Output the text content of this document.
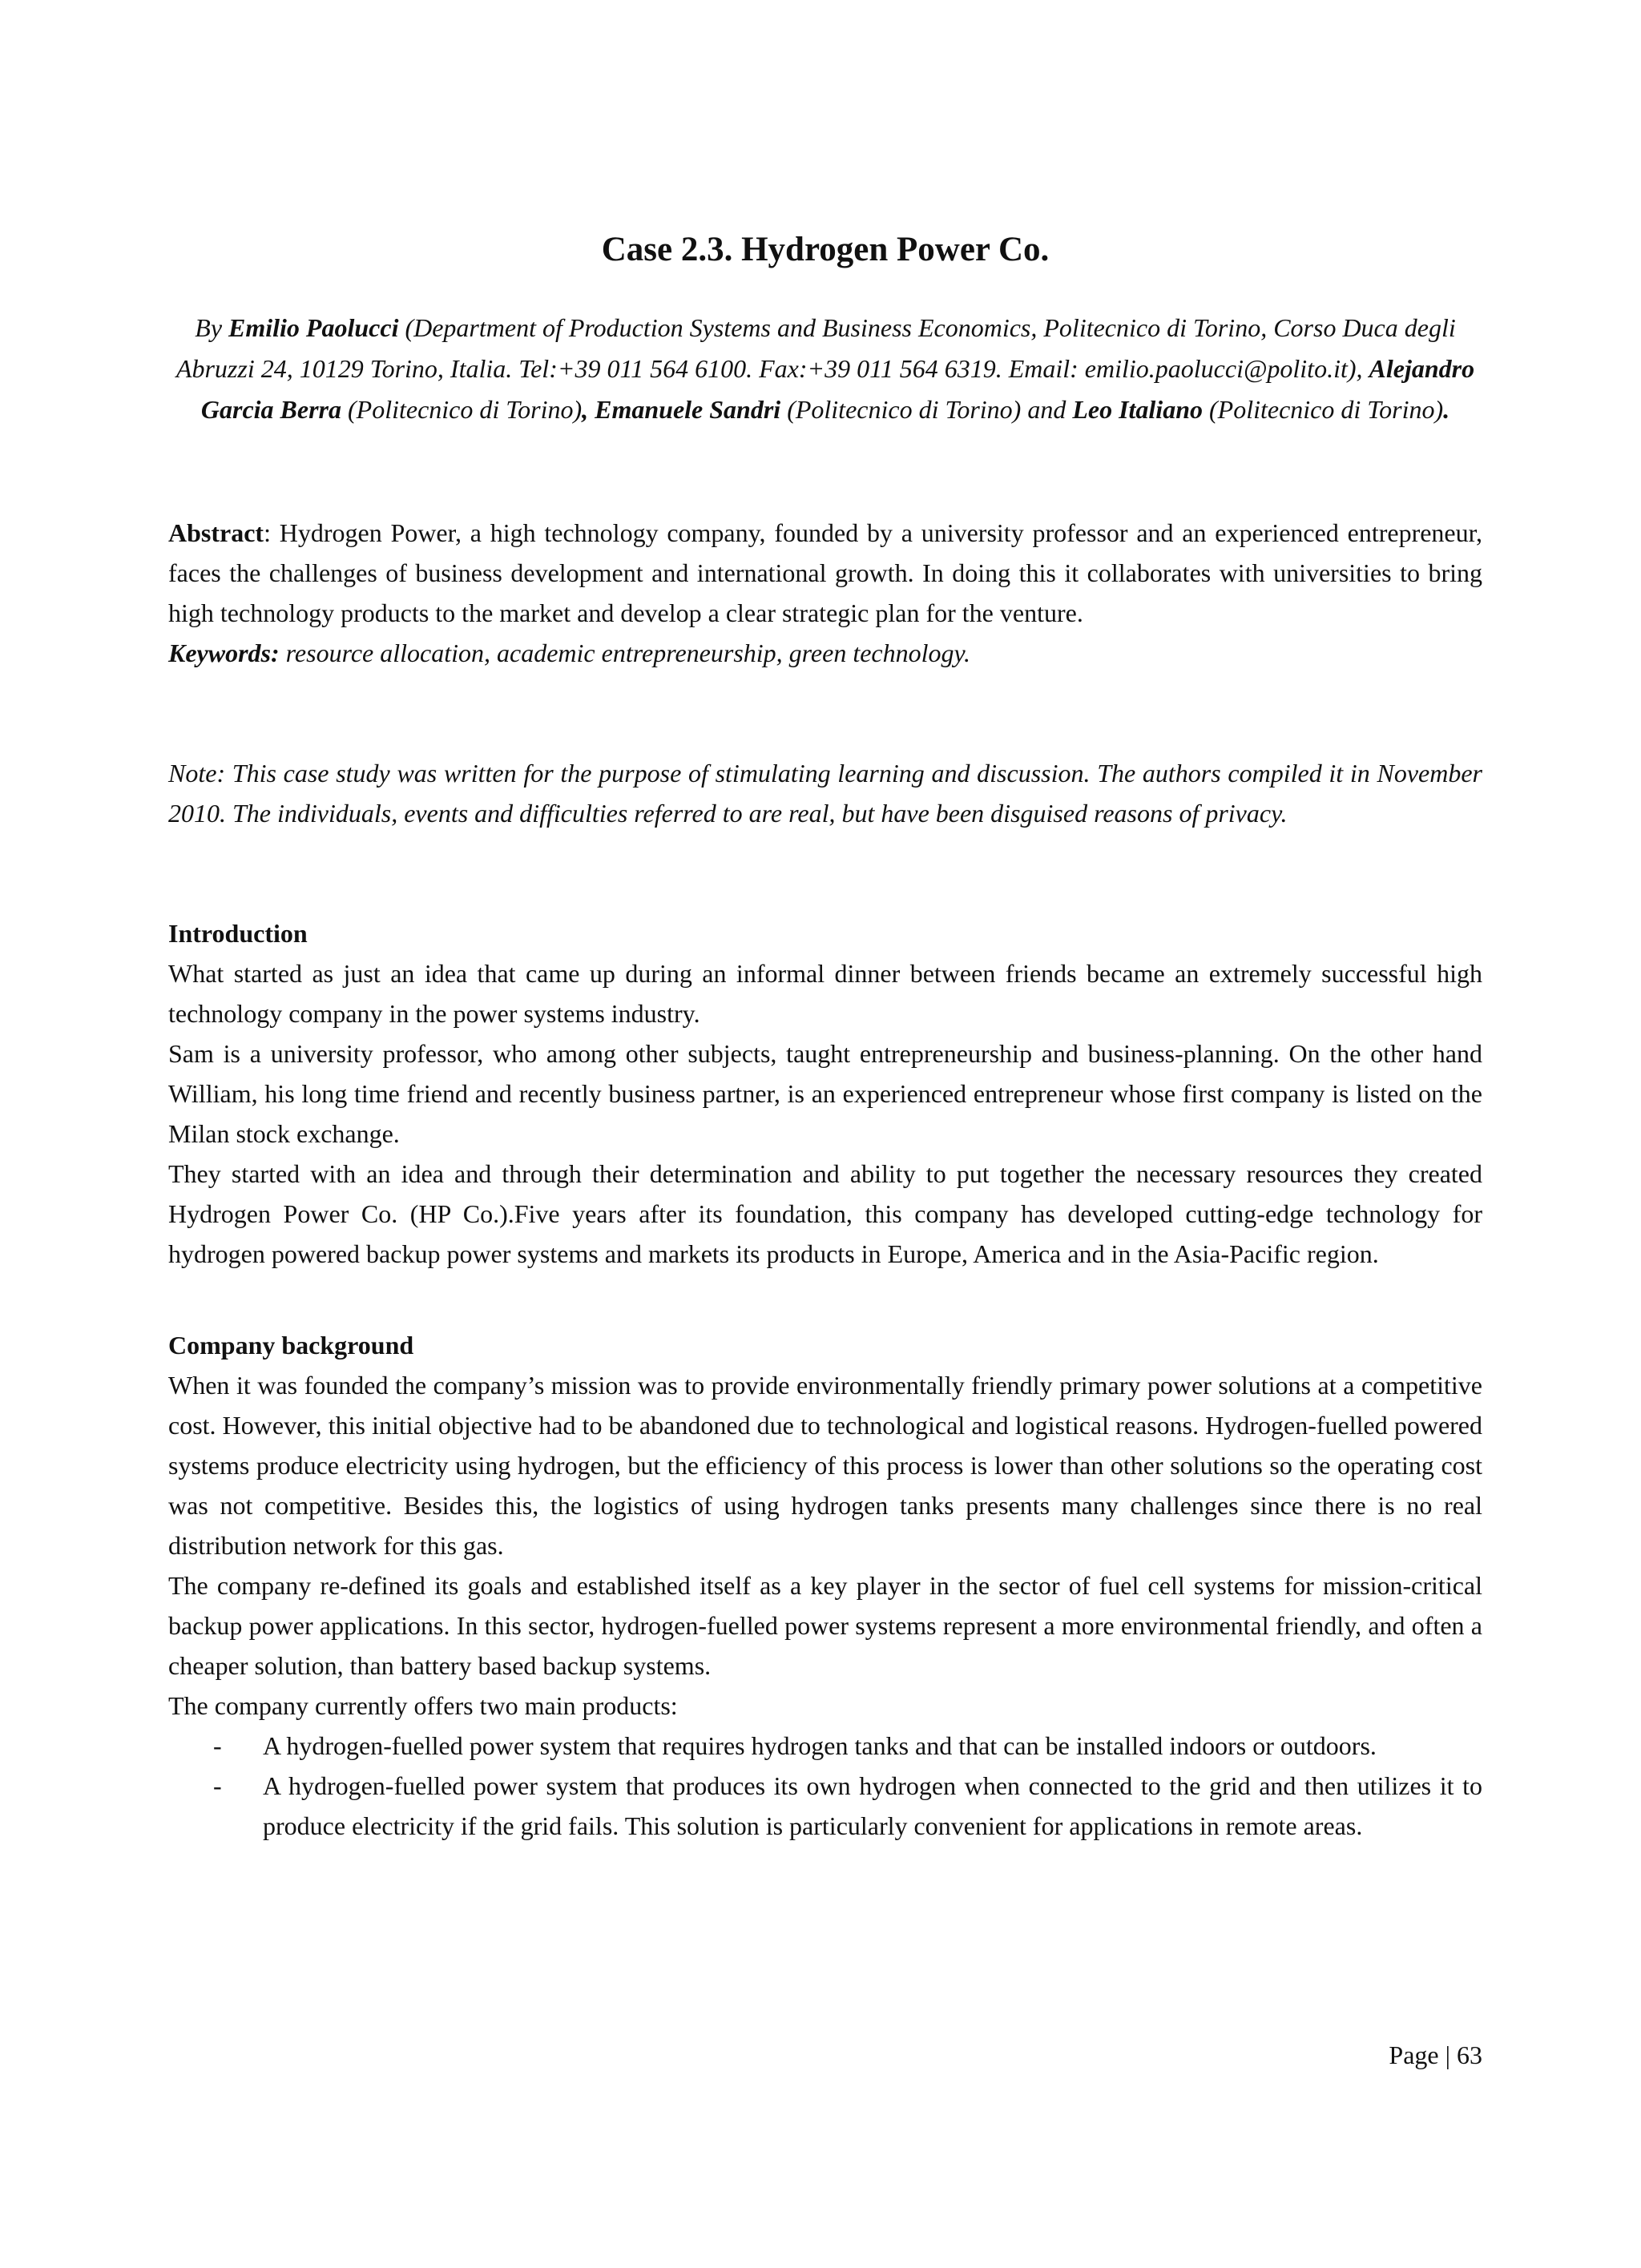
Case 2.3. Hydrogen Power Co.

By Emilio Paolucci (Department of Production Systems and Business Economics, Politecnico di Torino, Corso Duca degli Abruzzi 24, 10129 Torino, Italia. Tel:+39 011 564 6100. Fax:+39 011 564 6319. Email: emilio.paolucci@polito.it), Alejandro Garcia Berra (Politecnico di Torino), Emanuele Sandri (Politecnico di Torino) and Leo Italiano (Politecnico di Torino).

Abstract: Hydrogen Power, a high technology company, founded by a university professor and an experienced entrepreneur, faces the challenges of business development and international growth. In doing this it collaborates with universities to bring high technology products to the market and develop a clear strategic plan for the venture.

Keywords: resource allocation, academic entrepreneurship, green technology.

Note: This case study was written for the purpose of stimulating learning and discussion. The authors compiled it in November 2010. The individuals, events and difficulties referred to are real, but have been disguised reasons of privacy.

Introduction

What started as just an idea that came up during an informal dinner between friends became an extremely successful high technology company in the power systems industry.

Sam is a university professor, who among other subjects, taught entrepreneurship and business-planning. On the other hand William, his long time friend and recently business partner, is an experienced entrepreneur whose first company is listed on the Milan stock exchange.

They started with an idea and through their determination and ability to put together the necessary resources they created Hydrogen Power Co. (HP Co.).Five years after its foundation, this company has developed cutting-edge technology for hydrogen powered backup power systems and markets its products in Europe, America and in the Asia-Pacific region.

Company background

When it was founded the company’s mission was to provide environmentally friendly primary power solutions at a competitive cost. However, this initial objective had to be abandoned due to technological and logistical reasons. Hydrogen-fuelled powered systems produce electricity using hydrogen, but the efficiency of this process is lower than other solutions so the operating cost was not competitive. Besides this, the logistics of using hydrogen tanks presents many challenges since there is no real distribution network for this gas.

The company re-defined its goals and established itself as a key player in the sector of fuel cell systems for mission-critical backup power applications. In this sector, hydrogen-fuelled power systems represent a more environmental friendly, and often a cheaper solution, than battery based backup systems.

The company currently offers two main products:

- A hydrogen-fuelled power system that requires hydrogen tanks and that can be installed indoors or outdoors.
- A hydrogen-fuelled power system that produces its own hydrogen when connected to the grid and then utilizes it to produce electricity if the grid fails. This solution is particularly convenient for applications in remote areas.
Page | 63
